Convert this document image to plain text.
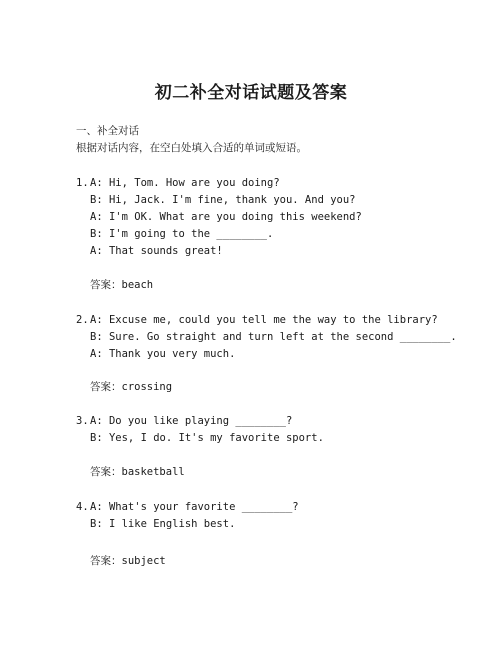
初二补全对话试题及答案
一、补全对话
根据对话内容，在空白处填入合适的单词或短语。
1. A: Hi, Tom. How are you doing?
B: Hi, Jack. I'm fine, thank you. And you?
A: I'm OK. What are you doing this weekend?
B: I'm going to the ________.
A: That sounds great!
答案：beach
2. A: Excuse me, could you tell me the way to the library?
B: Sure. Go straight and turn left at the second ________.
A: Thank you very much.
答案：crossing
3. A: Do you like playing ________?
B: Yes, I do. It's my favorite sport.
答案：basketball
4. A: What's your favorite ________?
B: I like English best.
答案：subject
